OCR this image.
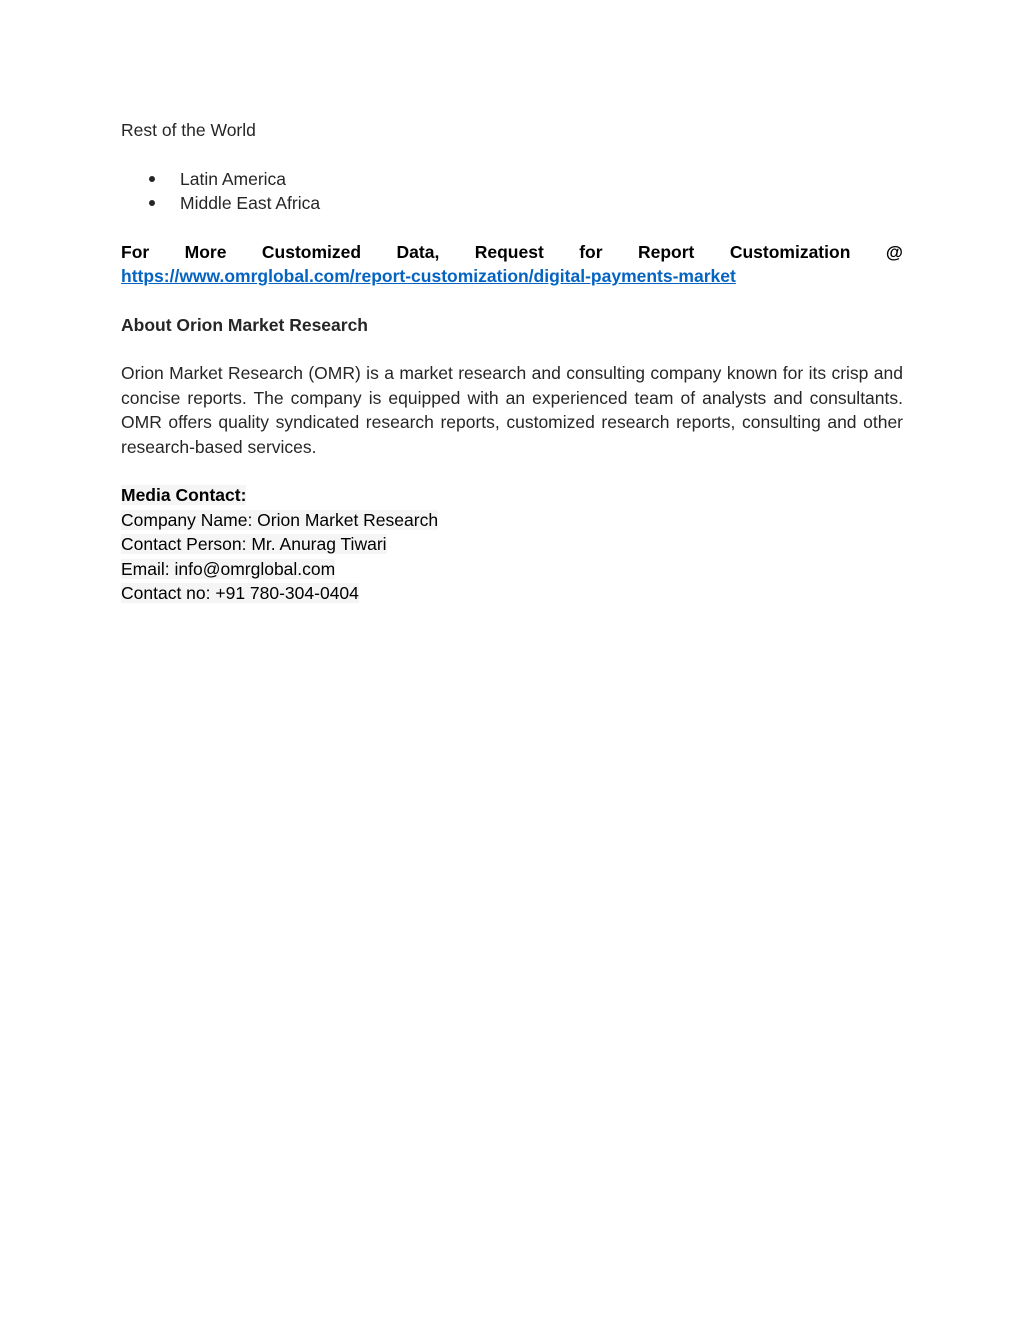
Rest of the World

Latin America
Middle East Africa
For More Customized Data, Request for Report Customization @
https://www.omrglobal.com/report-customization/digital-payments-market
About Orion Market Research

Orion Market Research (OMR) is a market research and consulting company known for its crisp and concise reports. The company is equipped with an experienced team of analysts and consultants. OMR offers quality syndicated research reports, customized research reports, consulting and other research-based services.

Media Contact:
Company Name: Orion Market Research
Contact Person: Mr. Anurag Tiwari
Email: info@omrglobal.com
Contact no: +91 780-304-0404
